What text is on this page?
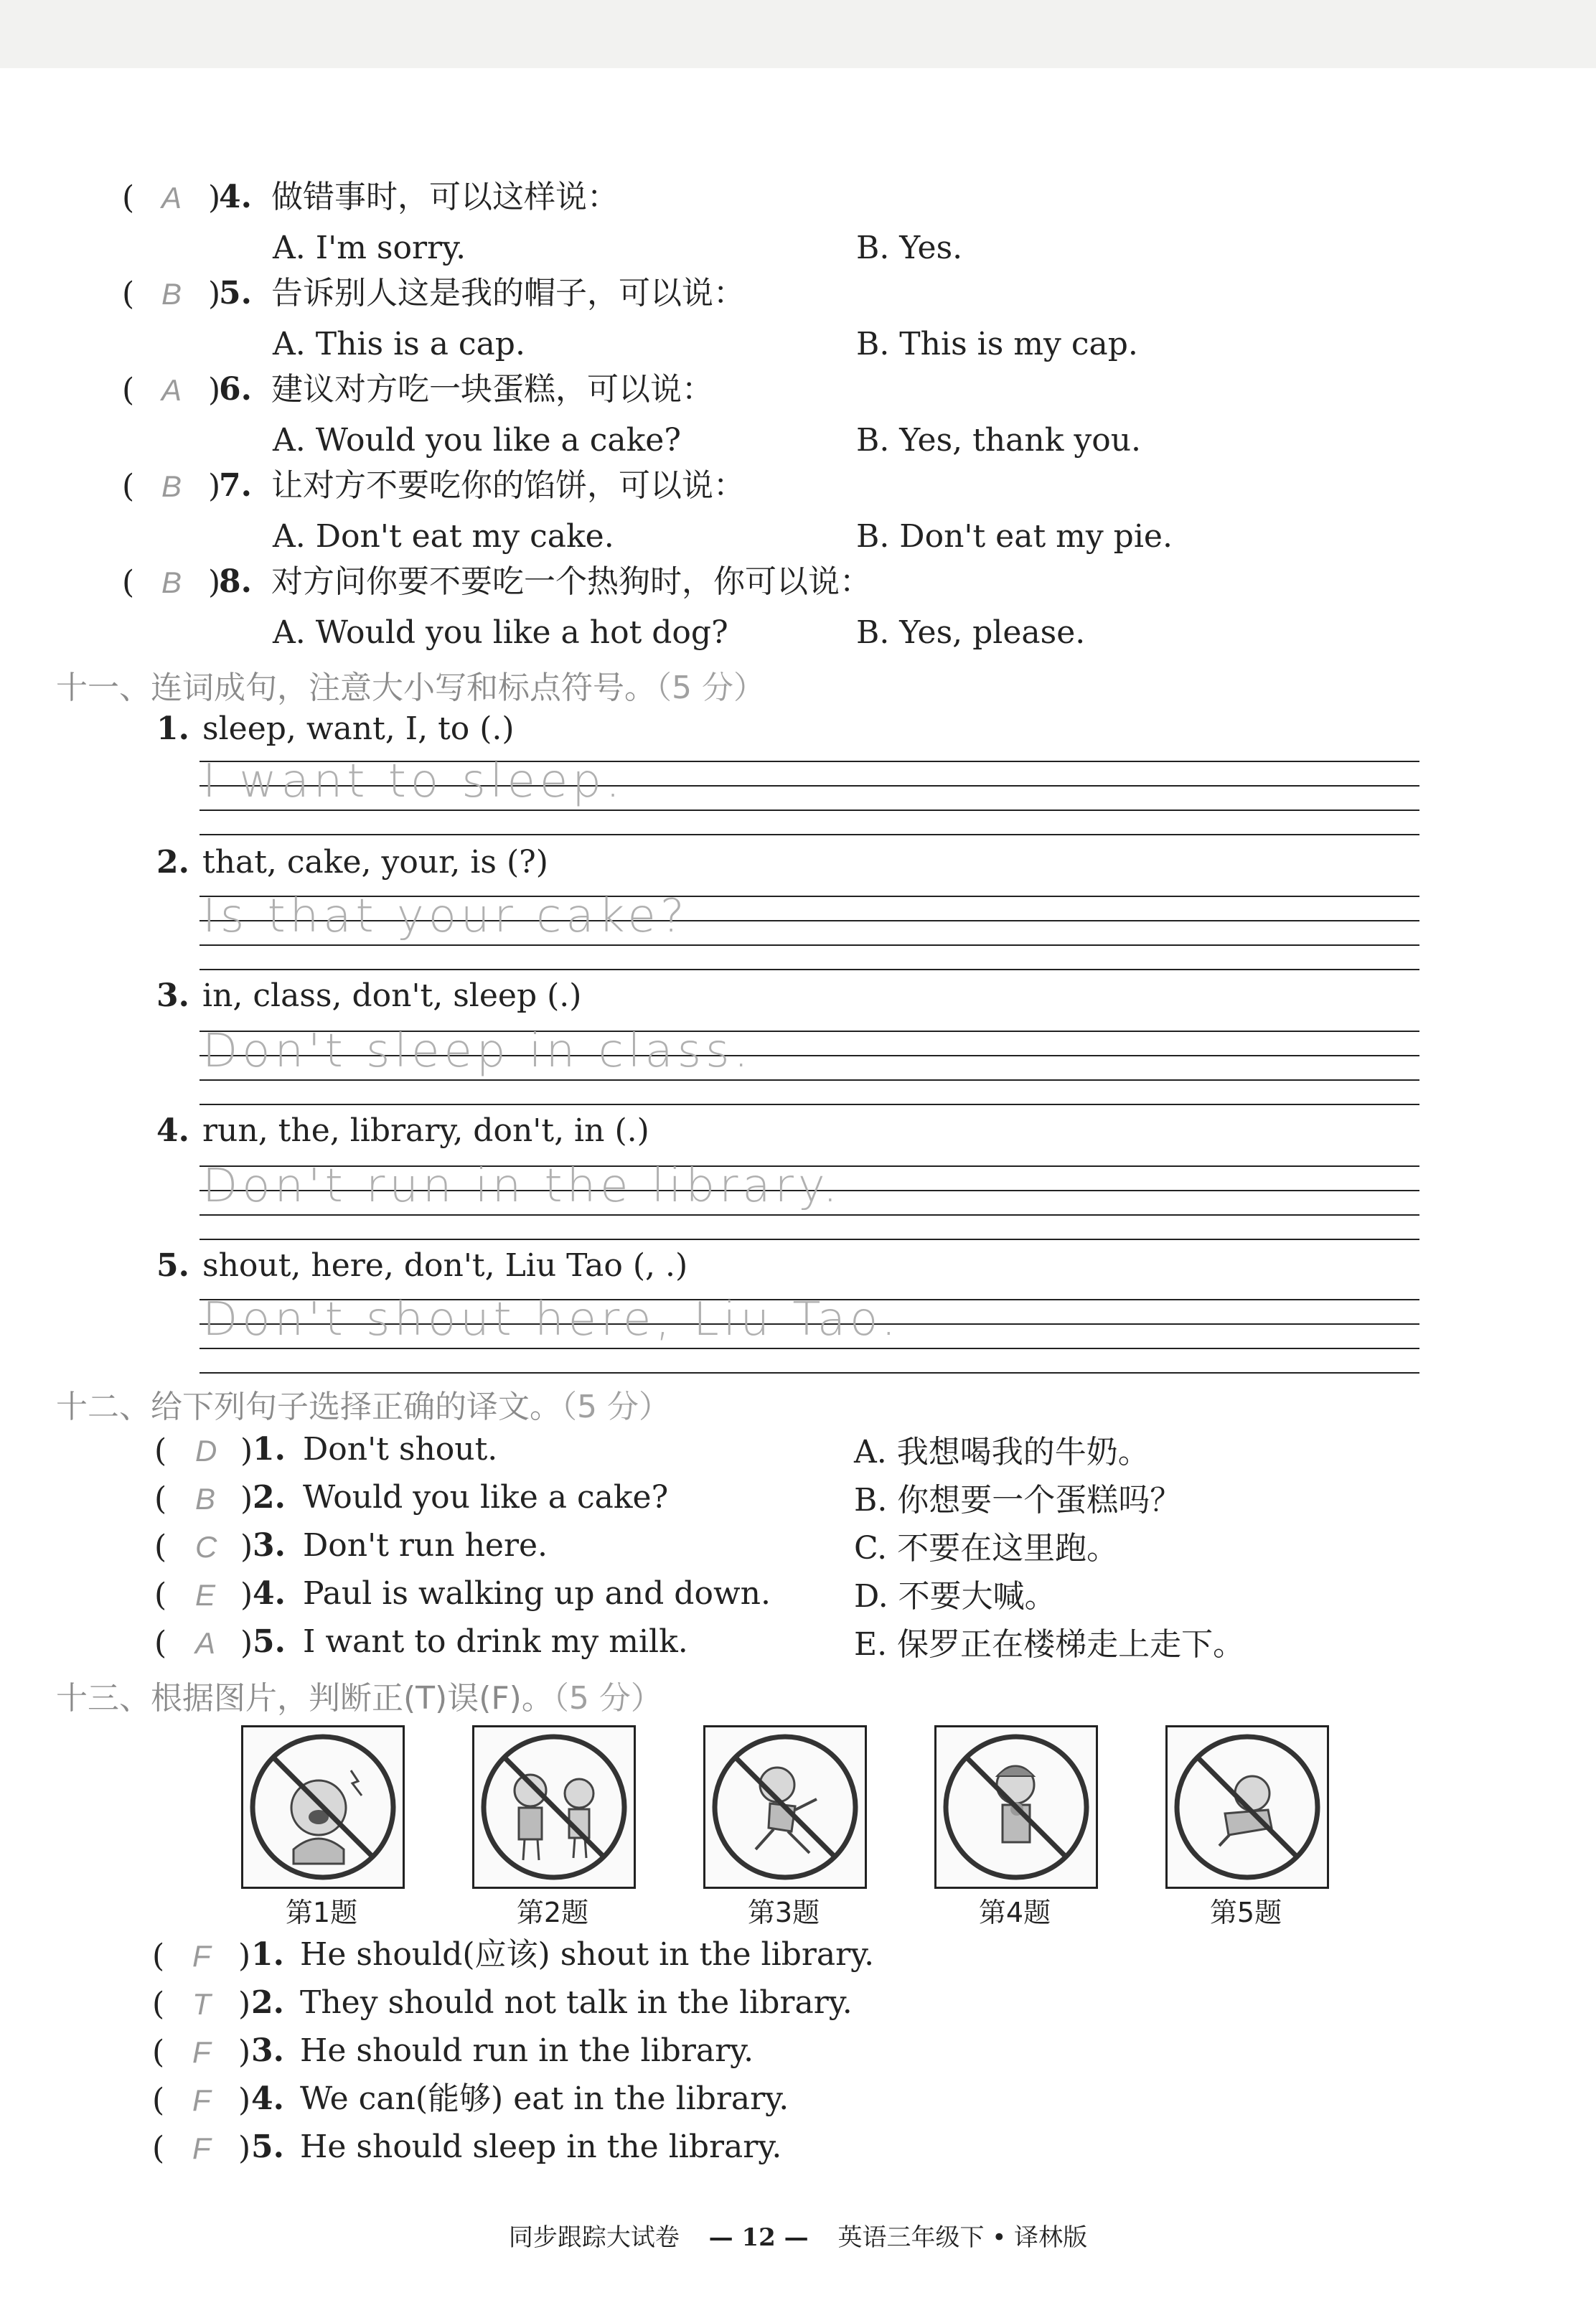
( A )
4. 做错事时，可以这样说：
A. I'm sorry.	B. Yes.
( B )
5. 告诉别人这是我的帽子，可以说：
A. This is a cap.	B. This is my cap.
( A )
6. 建议对方吃一块蛋糕，可以说：
A. Would you like a cake?	B. Yes, thank you.
( B )
7. 让对方不要吃你的馅饼，可以说：
A. Don't eat my cake.	B. Don't eat my pie.
( B )
8. 对方问你要不要吃一个热狗时，你可以说：
A. Would you like a hot dog?	B. Yes, please.
十一、连词成句，注意大小写和标点符号。（5 分）
1. sleep, want, I, to (.)
I want to sleep.
2. that, cake, your, is (?)
Is that your cake?
3. in, class, don't, sleep (.)
Don't sleep in class.
4. run, the, library, don't, in (.)
Don't run in the library.
5. shout, here, don't, Liu Tao (, .)
Don't shout here, Liu Tao.
十二、给下列句子选择正确的译文。（5 分）
( D ) 1. Don't shout.	A. 我想喝我的牛奶。
( B ) 2. Would you like a cake?	B. 你想要一个蛋糕吗？
( C ) 3. Don't run here.	C. 不要在这里跑。
( E ) 4. Paul is walking up and down.	D. 不要大喊。
( A ) 5. I want to drink my milk.	E. 保罗正在楼梯走上走下。
十三、根据图片，判断正(T)误(F)。（5 分）
第1题	第2题	第3题	第4题	第5题
( F ) 1. He should(应该) shout in the library.
( T ) 2. They should not talk in the library.
( F ) 3. He should run in the library.
( F ) 4. We can(能够) eat in the library.
( F ) 5. He should sleep in the library.
同步跟踪大试卷 — 12 — 英语三年级下 • 译林版
